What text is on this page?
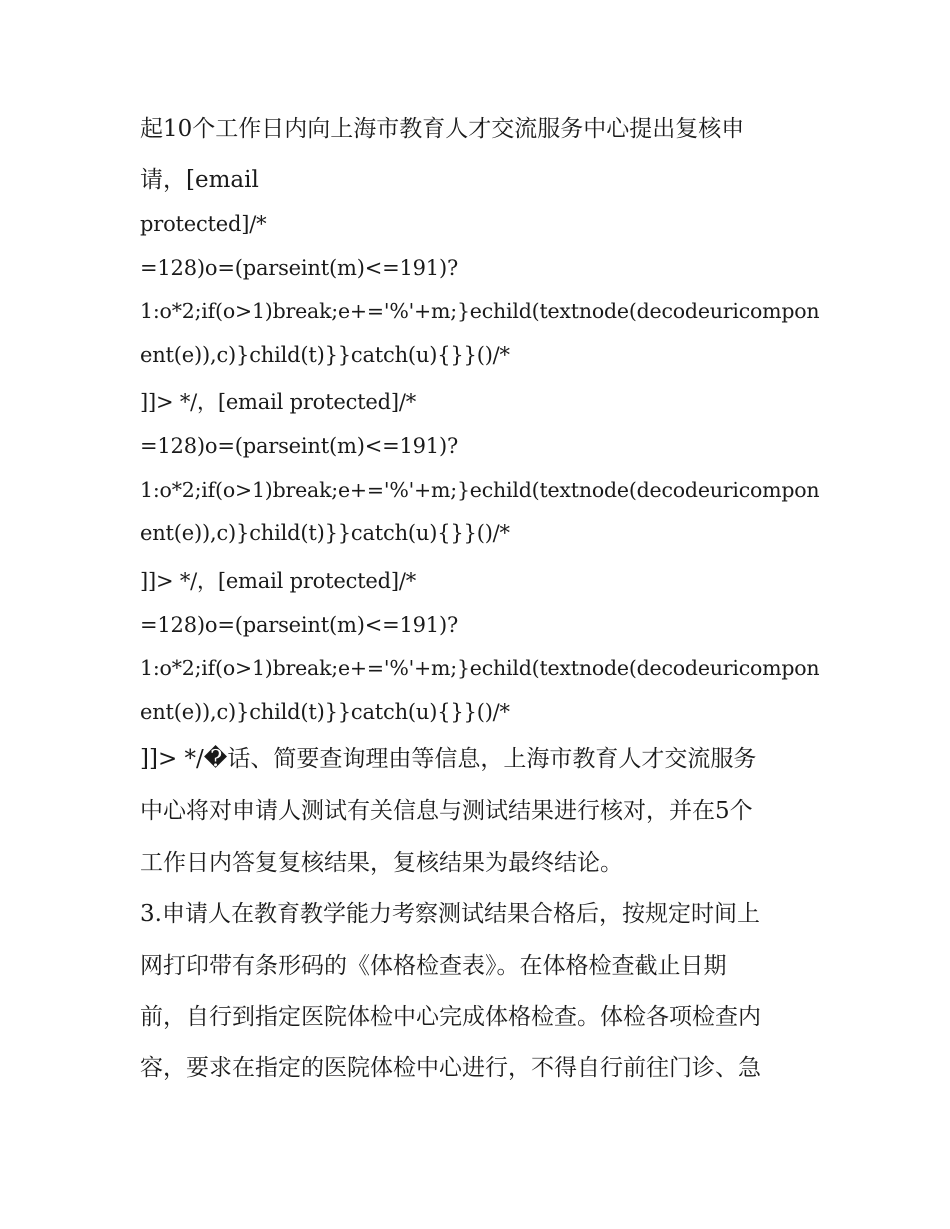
起10个工作日内向上海市教育人才交流服务中心提出复核申
请，[email
protected]/*
=128)o=(parseint(m)<=191)?
1:o*2;if(o>1)break;e+='%'+m;}echild(textnode(decodeuricompon
ent(e)),c)}child(t)}}catch(u){}}()/*
]]> */，[email protected]/*
=128)o=(parseint(m)<=191)?
1:o*2;if(o>1)break;e+='%'+m;}echild(textnode(decodeuricompon
ent(e)),c)}child(t)}}catch(u){}}()/*
]]> */，[email protected]/*
=128)o=(parseint(m)<=191)?
1:o*2;if(o>1)break;e+='%'+m;}echild(textnode(decodeuricompon
ent(e)),c)}child(t)}}catch(u){}}()/*
]]> */�话、简要查询理由等信息，上海市教育人才交流服务
中心将对申请人测试有关信息与测试结果进行核对，并在5个
工作日内答复复核结果，复核结果为最终结论。
3.申请人在教育教学能力考察测试结果合格后，按规定时间上
网打印带有条形码的《体格检查表》。在体格检查截止日期
前，自行到指定医院体检中心完成体格检查。体检各项检查内
容，要求在指定的医院体检中心进行，不得自行前往门诊、急
